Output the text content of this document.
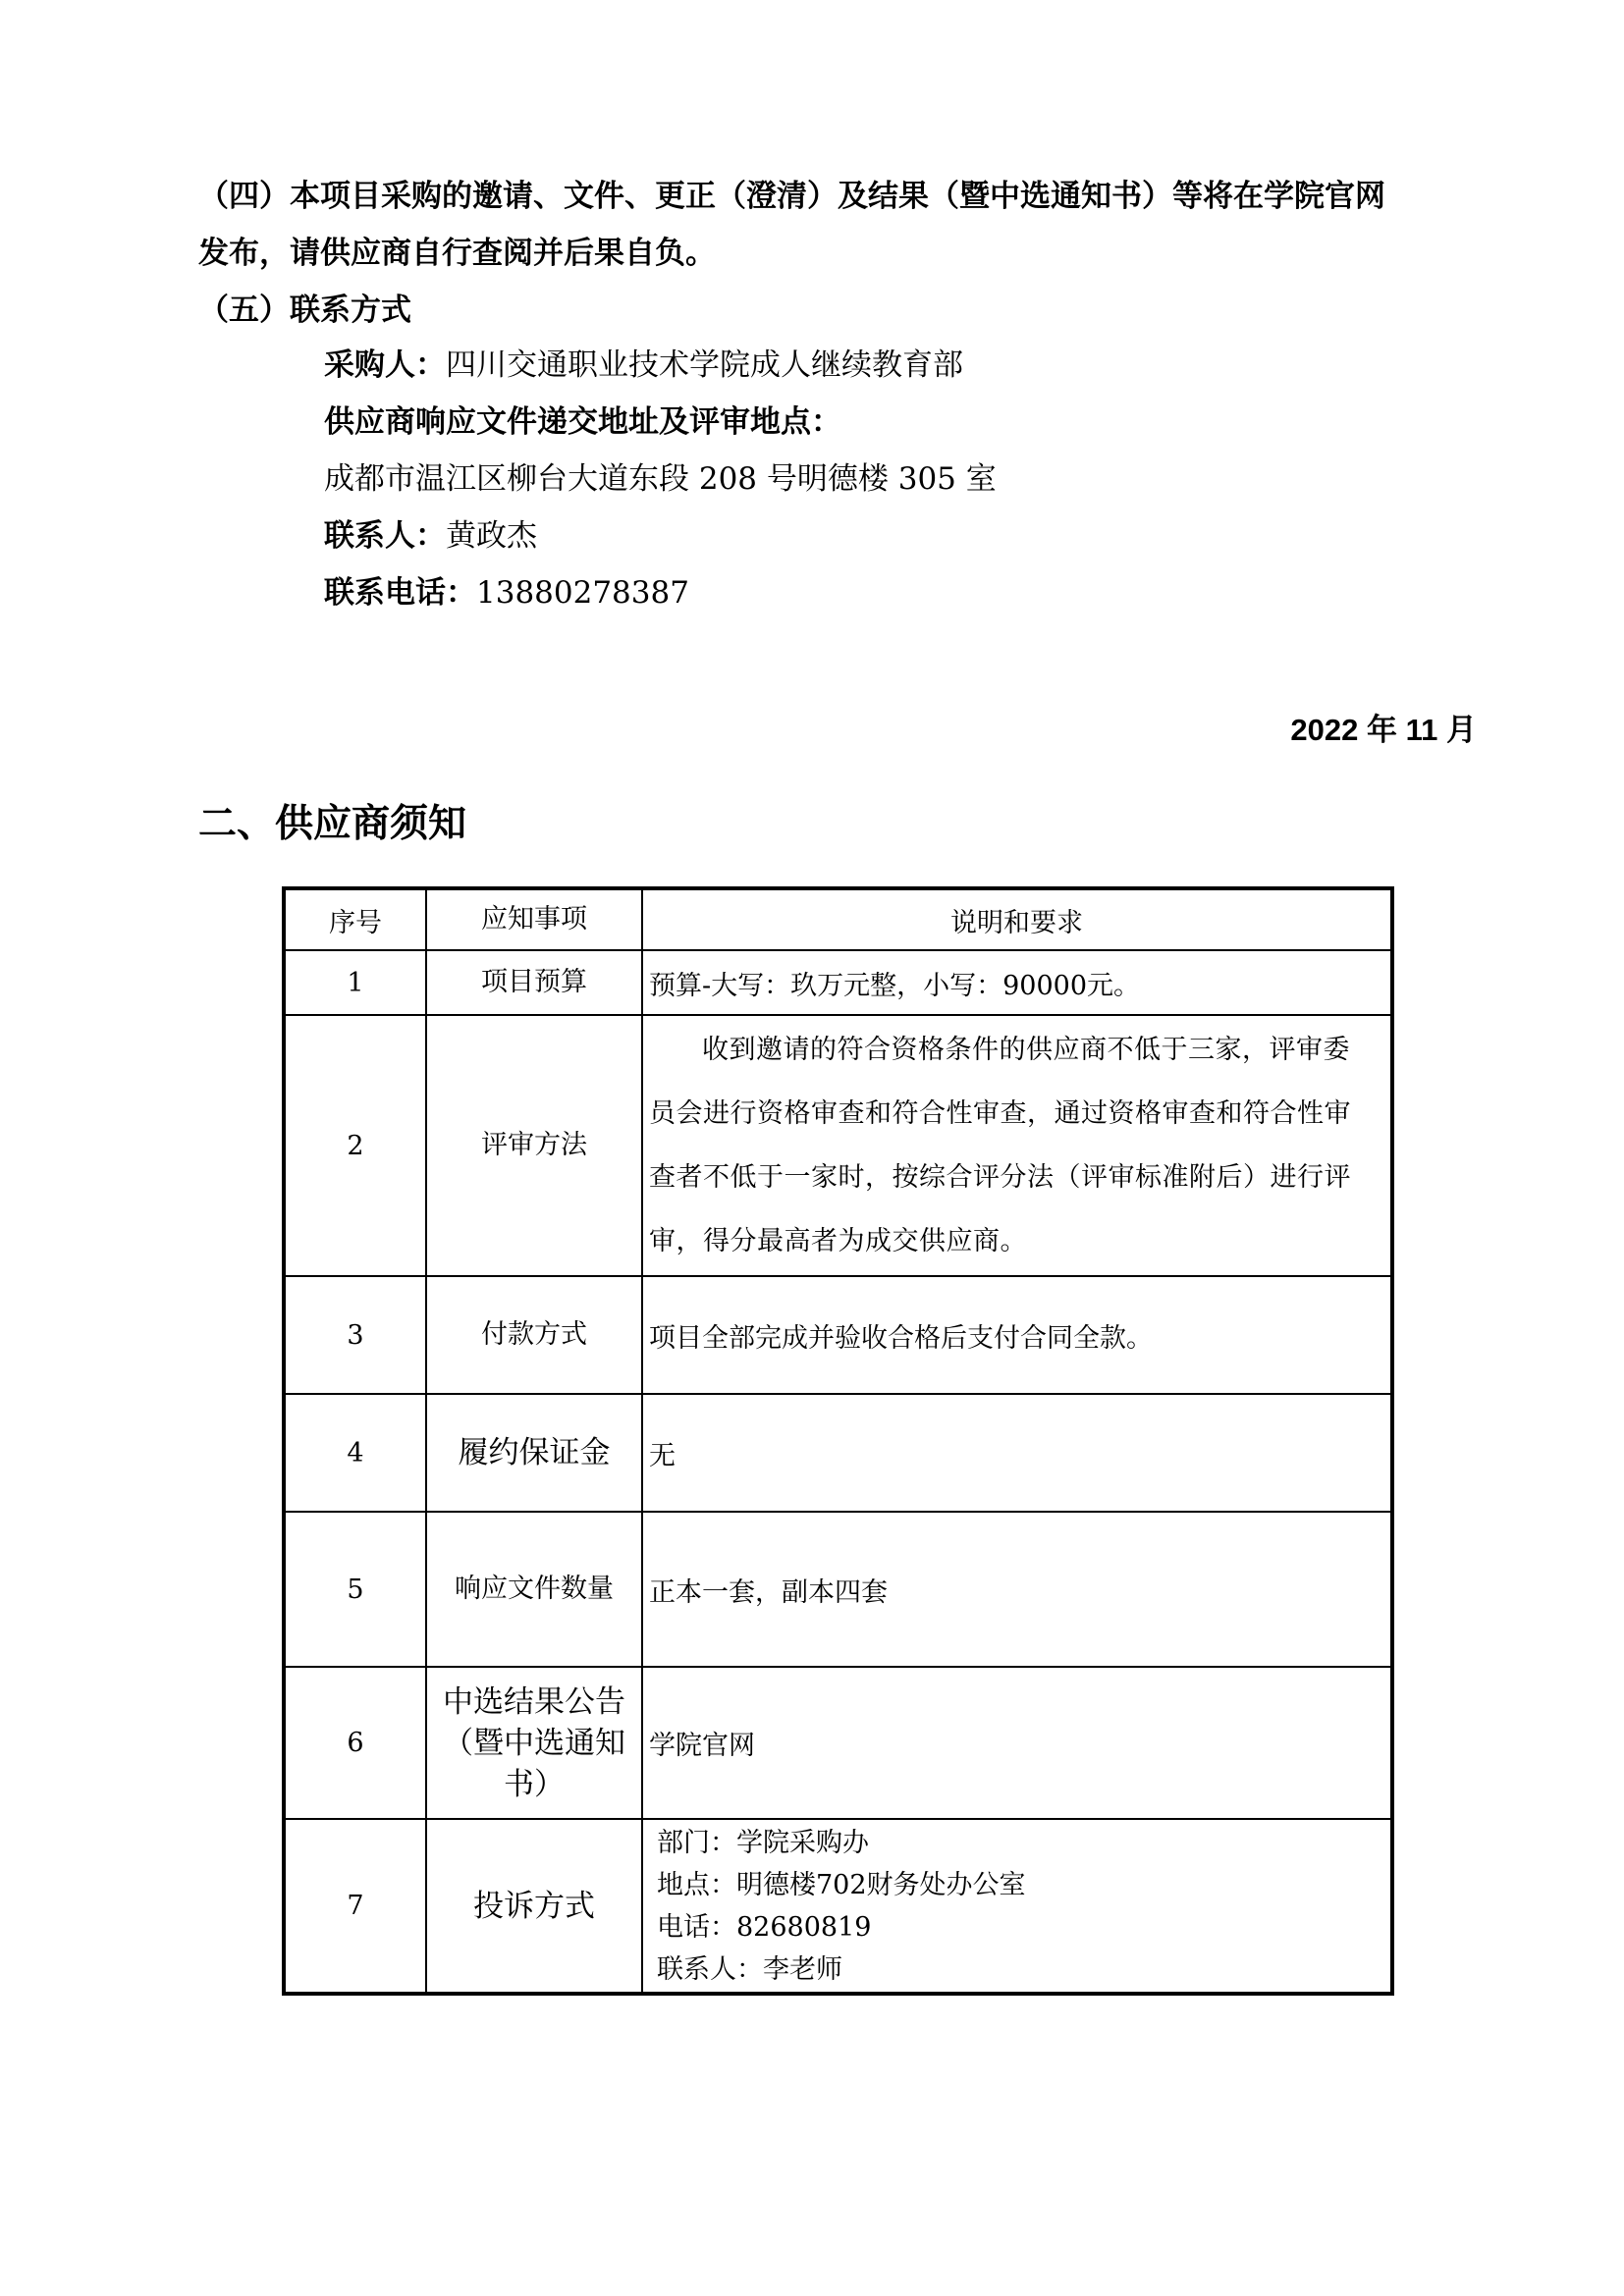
（四）本项目采购的邀请、文件、更正（澄清）及结果（暨中选通知书）等将在学院官网

发布，请供应商自行查阅并后果自负。

（五）联系方式

采购人：四川交通职业技术学院成人继续教育部

供应商响应文件递交地址及评审地点：

成都市温江区柳台大道东段 208 号明德楼 305 室

联系人：黄政杰

联系电话：13880278387

2022 年 11 月
二、供应商须知
序号	应知事项	说明和要求
1	项目预算	预算-大写：玖万元整，小写：90000元。
2	评审方法	收到邀请的符合资格条件的供应商不低于三家，评审委员会进行资格审查和符合性审查，通过资格审查和符合性审查者不低于一家时，按综合评分法（评审标准附后）进行评审，得分最高者为成交供应商。
3	付款方式	项目全部完成并验收合格后支付合同全款。
4	履约保证金	无
5	响应文件数量	正本一套，副本四套
6	中选结果公告（暨中选通知书）	学院官网
7	投诉方式	部门：学院采购办
地点：明德楼702财务处办公室
电话：82680819
联系人：李老师
